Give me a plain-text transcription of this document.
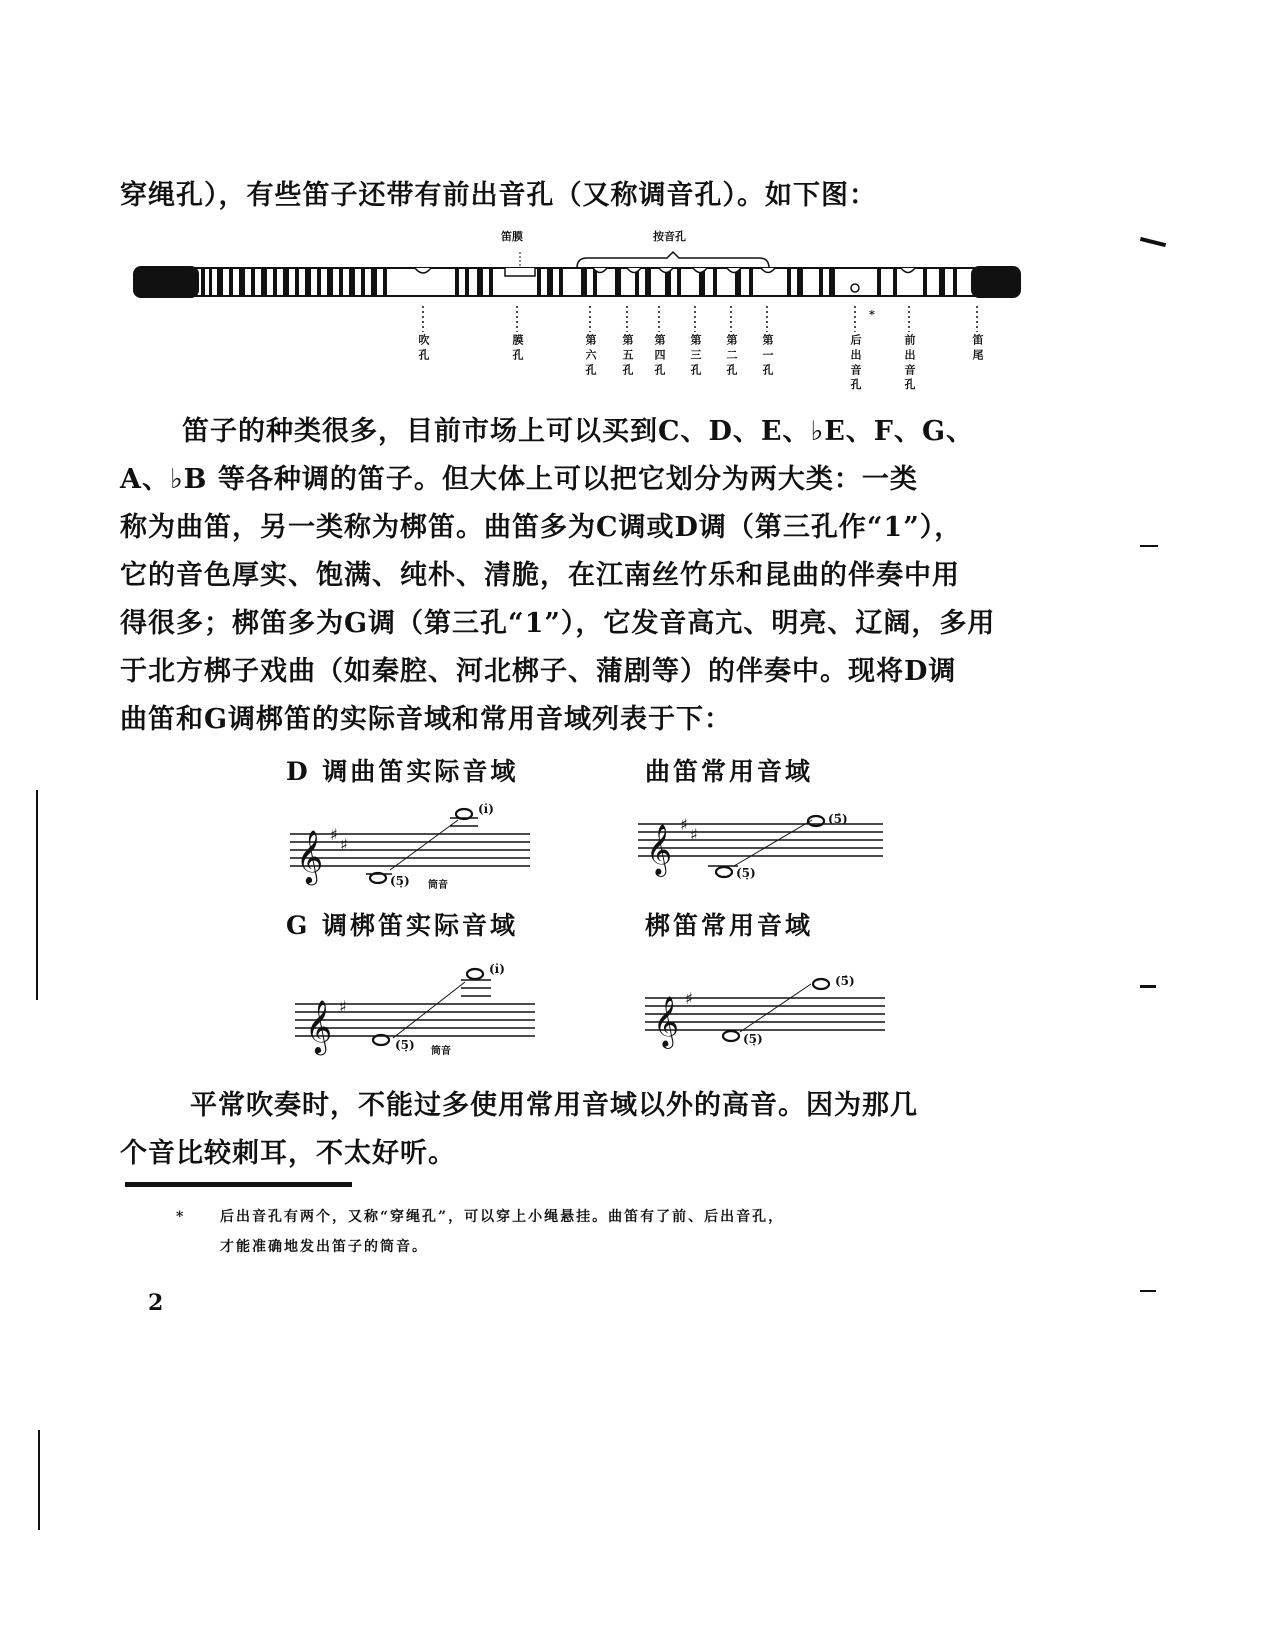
穿绳孔），有些笛子还带有前出音孔（又称调音孔）。如下图：
笛膜	按音孔
*
吹 孔	膜 孔	第 六 孔 第 五 孔 第 四 孔 第 三 孔 第 二 孔 第 一 孔	后 出 音 孔	前 出 音 孔	笛 尾
笛子的种类很多，目前市场上可以买到C、D、E、♭E、F、G、
A、♭B 等各种调的笛子。但大体上可以把它划分为两大类：一类
称为曲笛，另一类称为梆笛。曲笛多为C调或D调（第三孔作“1”），
它的音色厚实、饱满、纯朴、清脆，在江南丝竹乐和昆曲的伴奏中用
得很多；梆笛多为G调（第三孔“1”），它发音高亢、明亮、辽阔，多用
于北方梆子戏曲（如秦腔、河北梆子、蒲剧等）的伴奏中。现将D调
曲笛和G调梆笛的实际音域和常用音域列表于下：
D 调曲笛实际音域	曲笛常用音域
G 调梆笛实际音域	梆笛常用音域
𝄞 ♯
♯
(i̇)
(5̣) 筒音
𝄞 ♯
♯
(5̇)
(5̣)
𝄞 ♯
(i̇)
(5̣) 筒音
𝄞 ♯
(5̇)
(5̣)
平常吹奏时，不能过多使用常用音域以外的高音。因为那几
个音比较刺耳，不太好听。
* 后出音孔有两个，又称“穿绳孔”，可以穿上小绳悬挂。曲笛有了前、后出音孔，
才能准确地发出笛子的筒音。
2
